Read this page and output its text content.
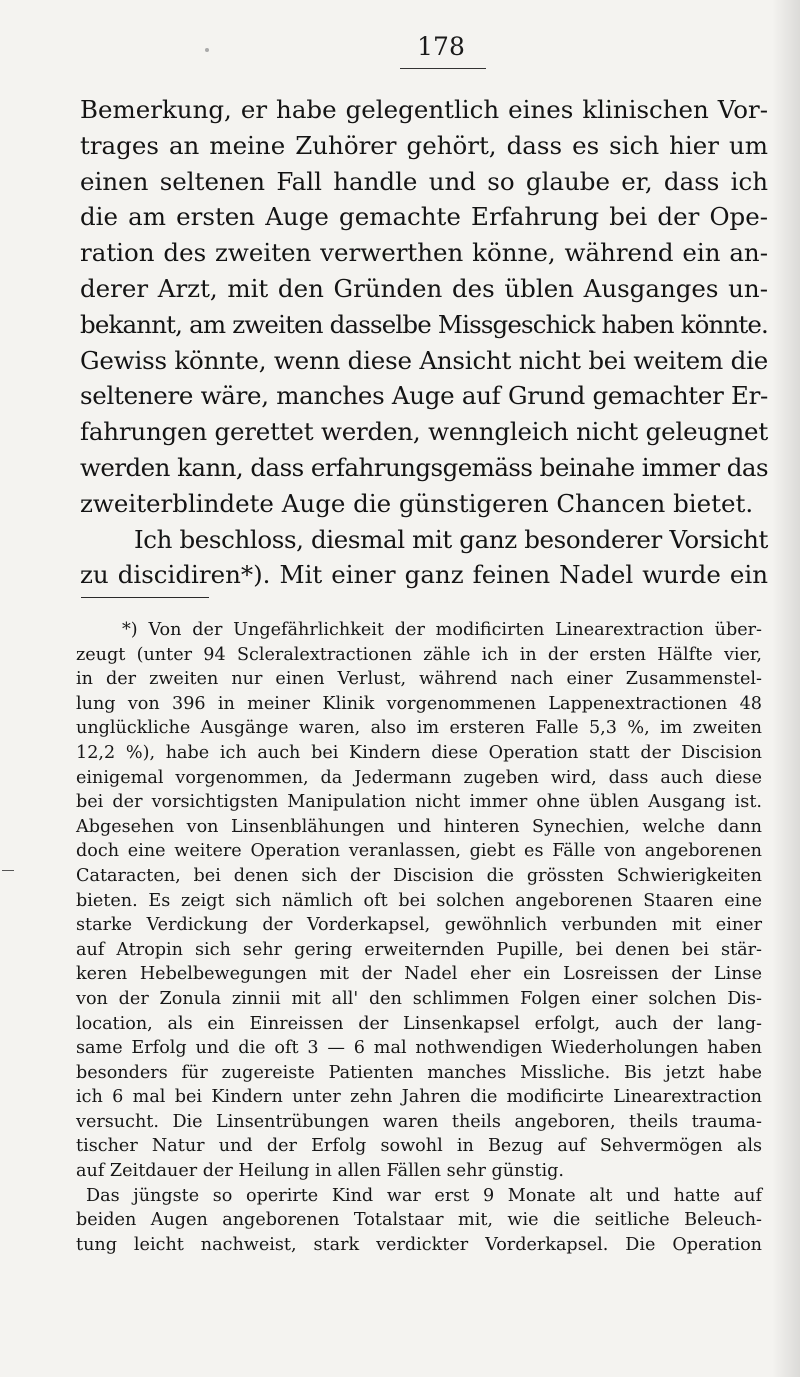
178
Bemerkung, er habe gelegentlich eines klinischen Vor-
trages an meine Zuhörer gehört, dass es sich hier um
einen seltenen Fall handle und so glaube er, dass ich
die am ersten Auge gemachte Erfahrung bei der Ope-
ration des zweiten verwerthen könne, während ein an-
derer Arzt, mit den Gründen des üblen Ausganges un-
bekannt, am zweiten dasselbe Missgeschick haben könnte.
Gewiss könnte, wenn diese Ansicht nicht bei weitem die
seltenere wäre, manches Auge auf Grund gemachter Er-
fahrungen gerettet werden, wenngleich nicht geleugnet
werden kann, dass erfahrungsgemäss beinahe immer das
zweiterblindete Auge die günstigeren Chancen bietet.
Ich beschloss, diesmal mit ganz besonderer Vorsicht
zu discidiren*). Mit einer ganz feinen Nadel wurde ein
*) Von der Ungefährlichkeit der modificirten Linearextraction über-
zeugt (unter 94 Scleralextractionen zähle ich in der ersten Hälfte vier,
in der zweiten nur einen Verlust, während nach einer Zusammenstel-
lung von 396 in meiner Klinik vorgenommenen Lappenextractionen 48
unglückliche Ausgänge waren, also im ersteren Falle 5,3 %, im zweiten
12,2 %), habe ich auch bei Kindern diese Operation statt der Discision
einigemal vorgenommen, da Jedermann zugeben wird, dass auch diese
bei der vorsichtigsten Manipulation nicht immer ohne üblen Ausgang ist.
Abgesehen von Linsenblähungen und hinteren Synechien, welche dann
doch eine weitere Operation veranlassen, giebt es Fälle von angeborenen
Cataracten, bei denen sich der Discision die grössten Schwierigkeiten
bieten. Es zeigt sich nämlich oft bei solchen angeborenen Staaren eine
starke Verdickung der Vorderkapsel, gewöhnlich verbunden mit einer
auf Atropin sich sehr gering erweiternden Pupille, bei denen bei stär-
keren Hebelbewegungen mit der Nadel eher ein Losreissen der Linse
von der Zonula zinnii mit all' den schlimmen Folgen einer solchen Dis-
location, als ein Einreissen der Linsenkapsel erfolgt, auch der lang-
same Erfolg und die oft 3 — 6 mal nothwendigen Wiederholungen haben
besonders für zugereiste Patienten manches Missliche. Bis jetzt habe
ich 6 mal bei Kindern unter zehn Jahren die modificirte Linearextraction
versucht. Die Linsentrübungen waren theils angeboren, theils trauma-
tischer Natur und der Erfolg sowohl in Bezug auf Sehvermögen als
auf Zeitdauer der Heilung in allen Fällen sehr günstig.
Das jüngste so operirte Kind war erst 9 Monate alt und hatte auf
beiden Augen angeborenen Totalstaar mit, wie die seitliche Beleuch-
tung leicht nachweist, stark verdickter Vorderkapsel. Die Operation
